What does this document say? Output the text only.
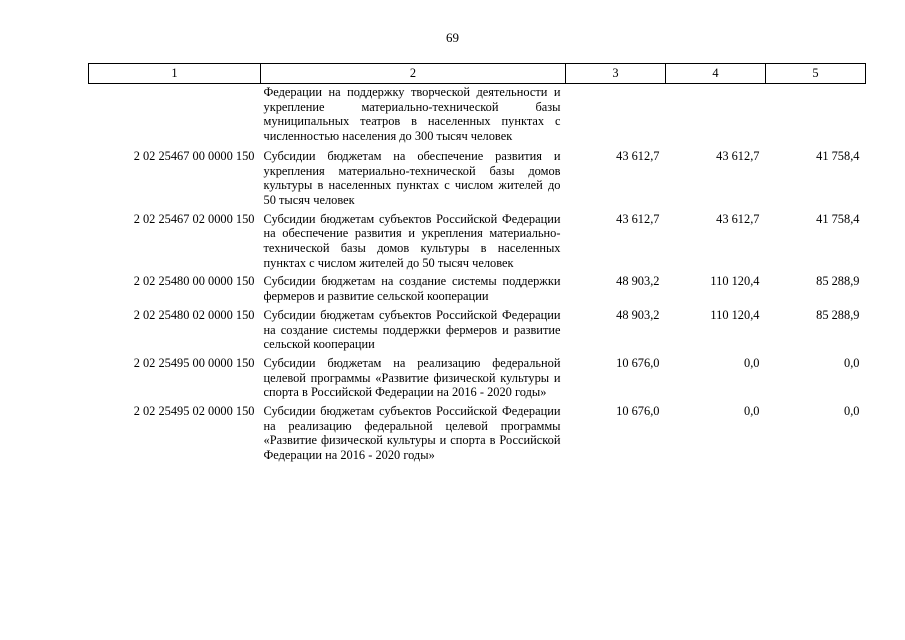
69
1	2	3	4	5
	Федерации на поддержку творческой деятельности и укрепление материально-технической базы муниципальных театров в населенных пунктах с численностью населения до 300 тысяч человек			
2 02 25467 00 0000 150	Субсидии бюджетам на обеспечение развития и укрепления материально-технической базы домов культуры в населенных пунктах с числом жителей до 50 тысяч человек	43 612,7	43 612,7	41 758,4
2 02 25467 02 0000 150	Субсидии бюджетам субъектов Российской Федерации на обеспечение развития и укрепления материально-технической базы домов культуры в населенных пунктах с числом жителей до 50 тысяч человек	43 612,7	43 612,7	41 758,4
2 02 25480 00 0000 150	Субсидии бюджетам на создание системы поддержки фермеров и развитие сельской кооперации	48 903,2	110 120,4	85 288,9
2 02 25480 02 0000 150	Субсидии бюджетам субъектов Российской Федерации на создание системы поддержки фермеров и развитие сельской кооперации	48 903,2	110 120,4	85 288,9
2 02 25495 00 0000 150	Субсидии бюджетам на реализацию федеральной целевой программы «Развитие физической культуры и спорта в Российской Федерации на 2016 - 2020 годы»	10 676,0	0,0	0,0
2 02 25495 02 0000 150	Субсидии бюджетам субъектов Российской Федерации на реализацию федеральной целевой программы «Развитие физической культуры и спорта в Российской Федерации на 2016 - 2020 годы»	10 676,0	0,0	0,0
